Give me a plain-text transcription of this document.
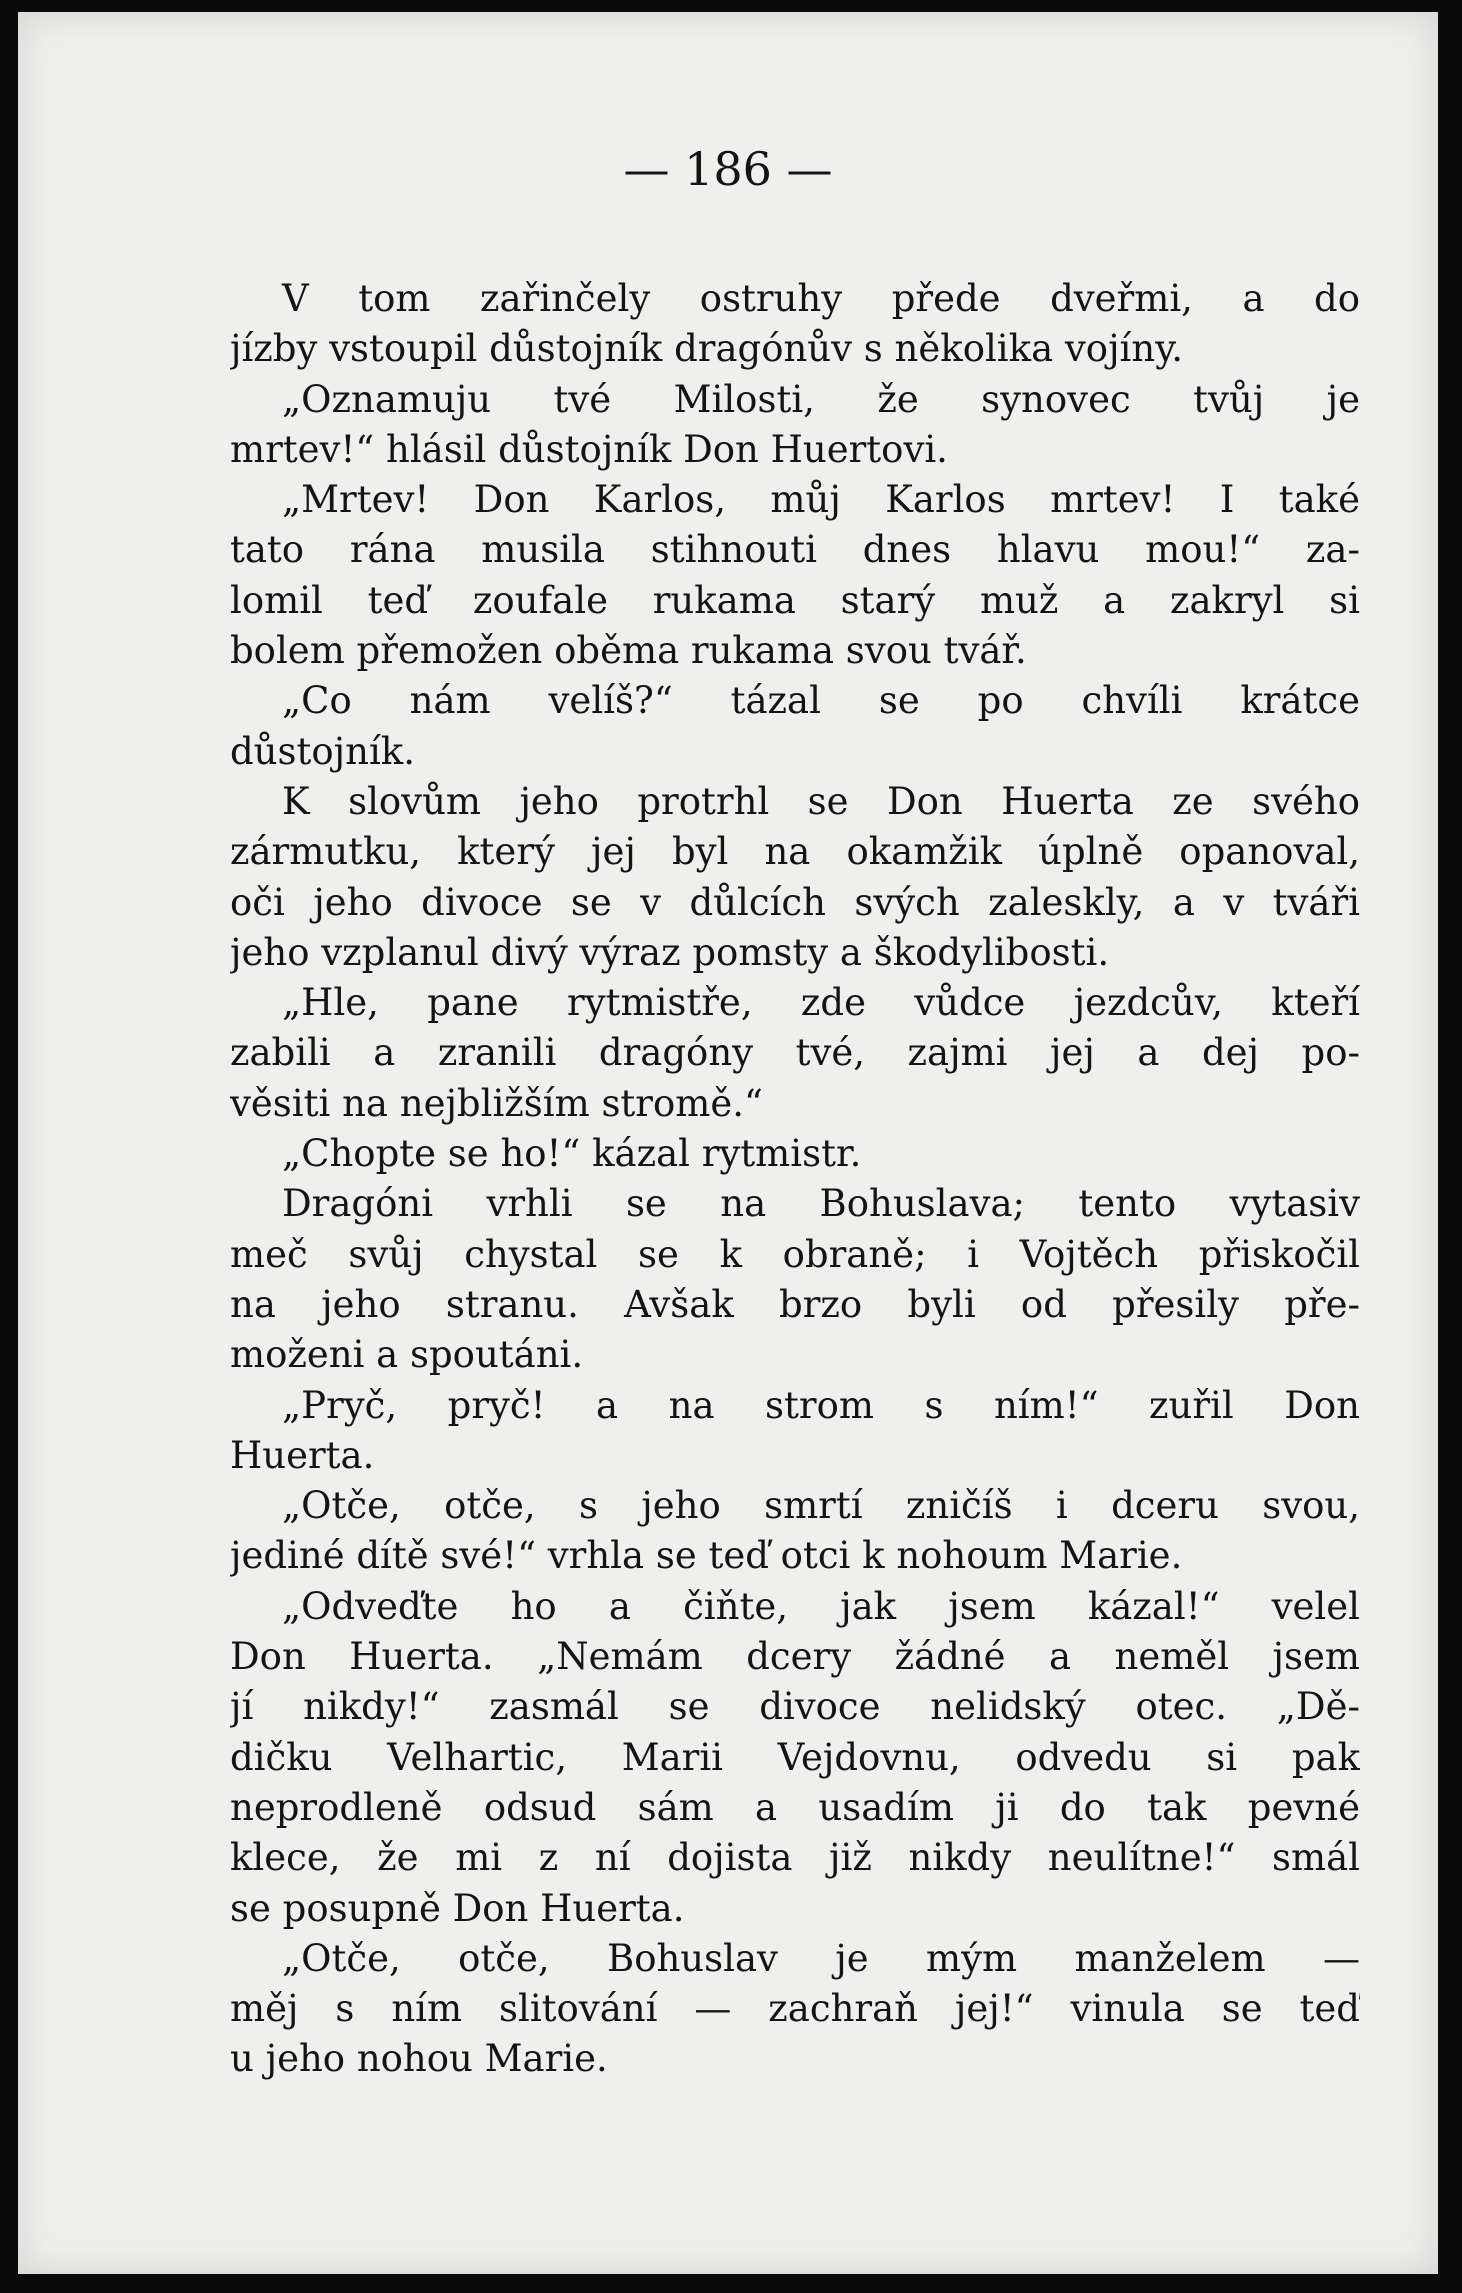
— 186 —

V tom zařinčely ostruhy přede dveřmi, a do
jízby vstoupil důstojník dragónův s několika vojíny.
„Oznamuju tvé Milosti, že synovec tvůj je
mrtev!“ hlásil důstojník Don Huertovi.
„Mrtev! Don Karlos, můj Karlos mrtev! I také
tato rána musila stihnouti dnes hlavu mou!“ za-
lomil teď zoufale rukama starý muž a zakryl si
bolem přemožen oběma rukama svou tvář.
„Co nám velíš?“ tázal se po chvíli krátce
důstojník.
K slovům jeho protrhl se Don Huerta ze svého
zármutku, který jej byl na okamžik úplně opanoval,
oči jeho divoce se v důlcích svých zaleskly, a v tváři
jeho vzplanul divý výraz pomsty a škodylibosti.
„Hle, pane rytmistře, zde vůdce jezdcův, kteří
zabili a zranili dragóny tvé, zajmi jej a dej po-
věsiti na nejbližším stromě.“
„Chopte se ho!“ kázal rytmistr.
Dragóni vrhli se na Bohuslava; tento vytasiv
meč svůj chystal se k obraně; i Vojtěch přiskočil
na jeho stranu. Avšak brzo byli od přesily pře-
moženi a spoutáni.
„Pryč, pryč! a na strom s ním!“ zuřil Don
Huerta.
„Otče, otče, s jeho smrtí zničíš i dceru svou,
jediné dítě své!“ vrhla se teď otci k nohoum Marie.
„Odveďte ho a čiňte, jak jsem kázal!“ velel
Don Huerta. „Nemám dcery žádné a neměl jsem
jí nikdy!“ zasmál se divoce nelidský otec. „Dě-
dičku Velhartic, Marii Vejdovnu, odvedu si pak
neprodleně odsud sám a usadím ji do tak pevné
klece, že mi z ní dojista již nikdy neulítne!“ smál
se posupně Don Huerta.
„Otče, otče, Bohuslav je mým manželem —
měj s ním slitování — zachraň jej!“ vinula se teď
u jeho nohou Marie.
